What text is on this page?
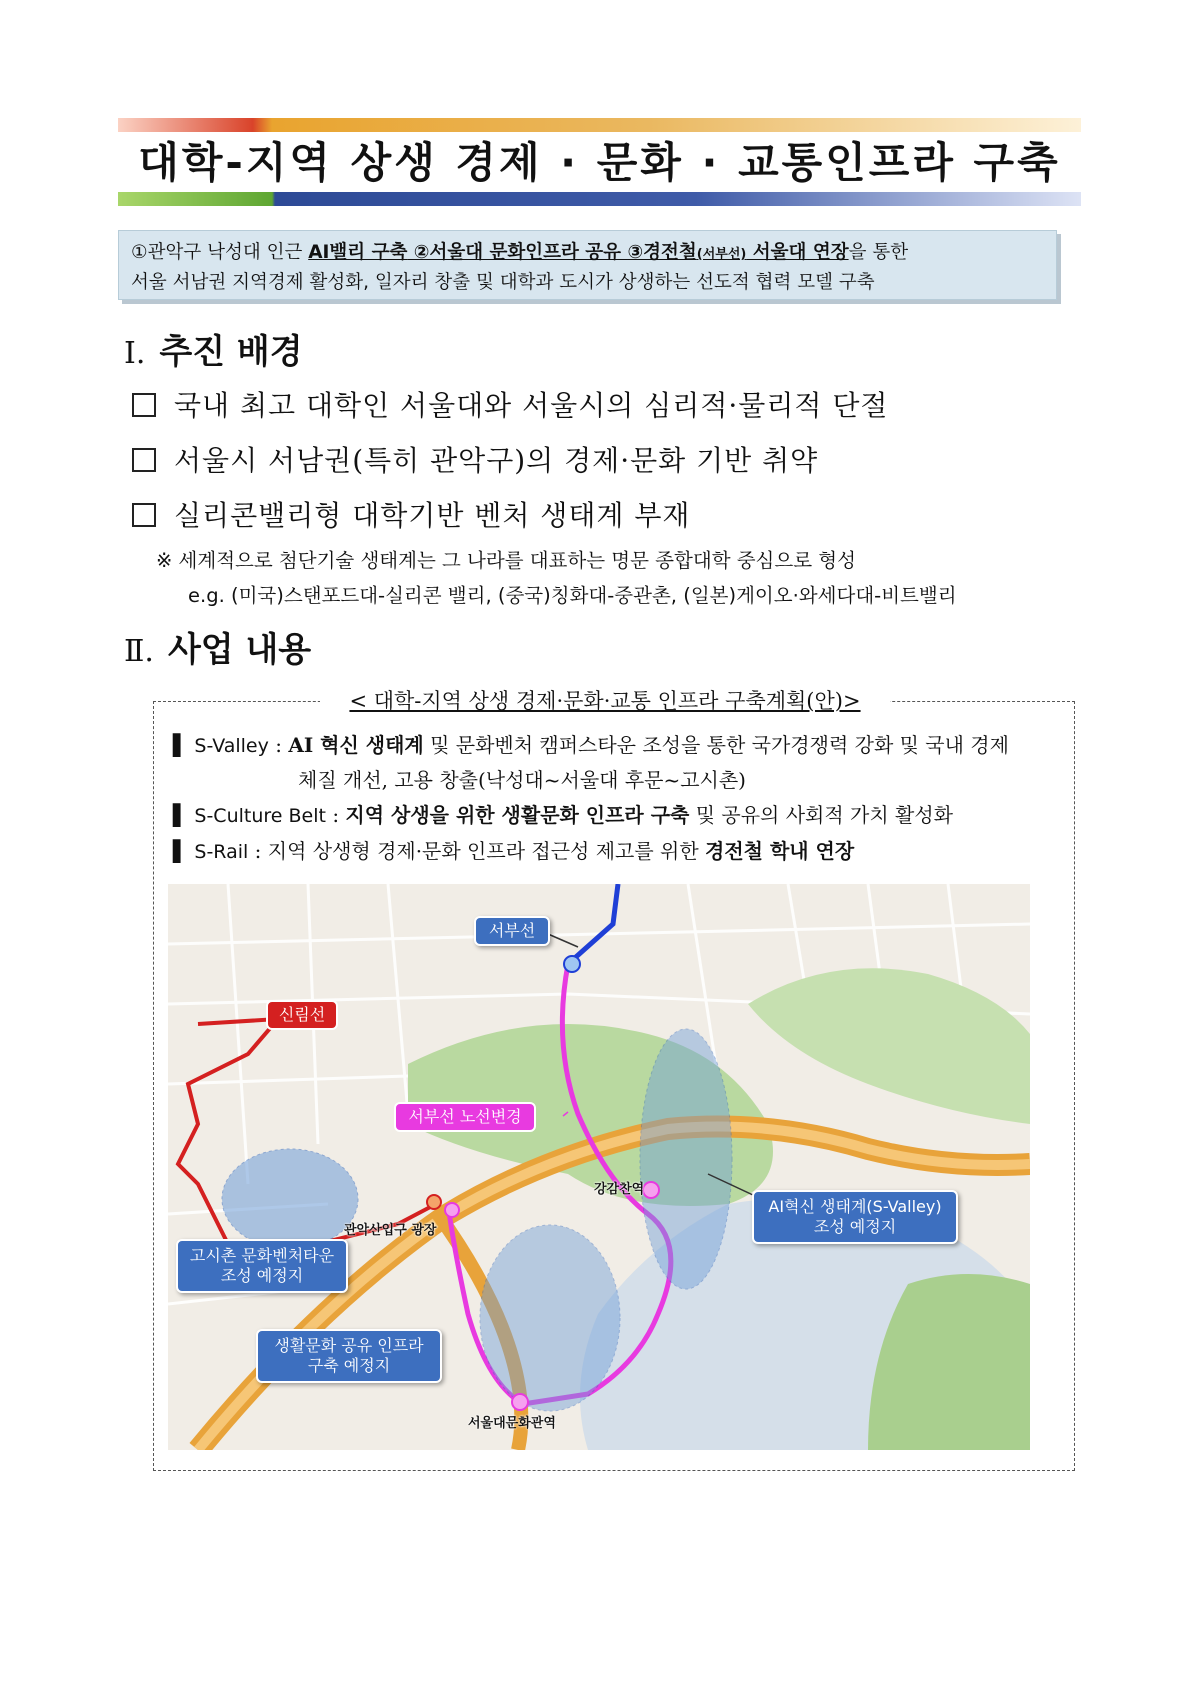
대학-지역 상생 경제 · 문화 · 교통인프라 구축
①관악구 낙성대 인근 AI밸리 구축 ②서울대 문화인프라 공유 ③경전철(서부선) 서울대 연장을 통한
서울 서남권 지역경제 활성화, 일자리 창출 및 대학과 도시가 상생하는 선도적 협력 모델 구축
Ⅰ. 추진 배경
국내 최고 대학인 서울대와 서울시의 심리적·물리적 단절
서울시 서남권(특히 관악구)의 경제·문화 기반 취약
실리콘밸리형 대학기반 벤처 생태계 부재
※ 세계적으로 첨단기술 생태계는 그 나라를 대표하는 명문 종합대학 중심으로 형성
e.g. (미국)스탠포드대-실리콘 밸리, (중국)칭화대-중관촌, (일본)게이오·와세다대-비트밸리
Ⅱ. 사업 내용
< 대학-지역 상생 경제·문화·교통 인프라 구축계획(안)>
▌ S-Valley : AI 혁신 생태계 및 문화벤처 캠퍼스타운 조성을 통한 국가경쟁력 강화 및 국내 경제
체질 개선, 고용 창출(낙성대~서울대 후문~고시촌)
▌ S-Culture Belt : 지역 상생을 위한 생활문화 인프라 구축 및 공유의 사회적 가치 활성화
▌ S-Rail : 지역 상생형 경제·문화 인프라 접근성 제고를 위한 경전철 학내 연장
서부선
신림선
서부선 노선변경
AI혁신 생태계(S-Valley)
조성 예정지
고시촌 문화벤처타운
조성 예정지
생활문화 공유 인프라
구축 예정지
관악산입구 광장
강감찬역
서울대문화관역
